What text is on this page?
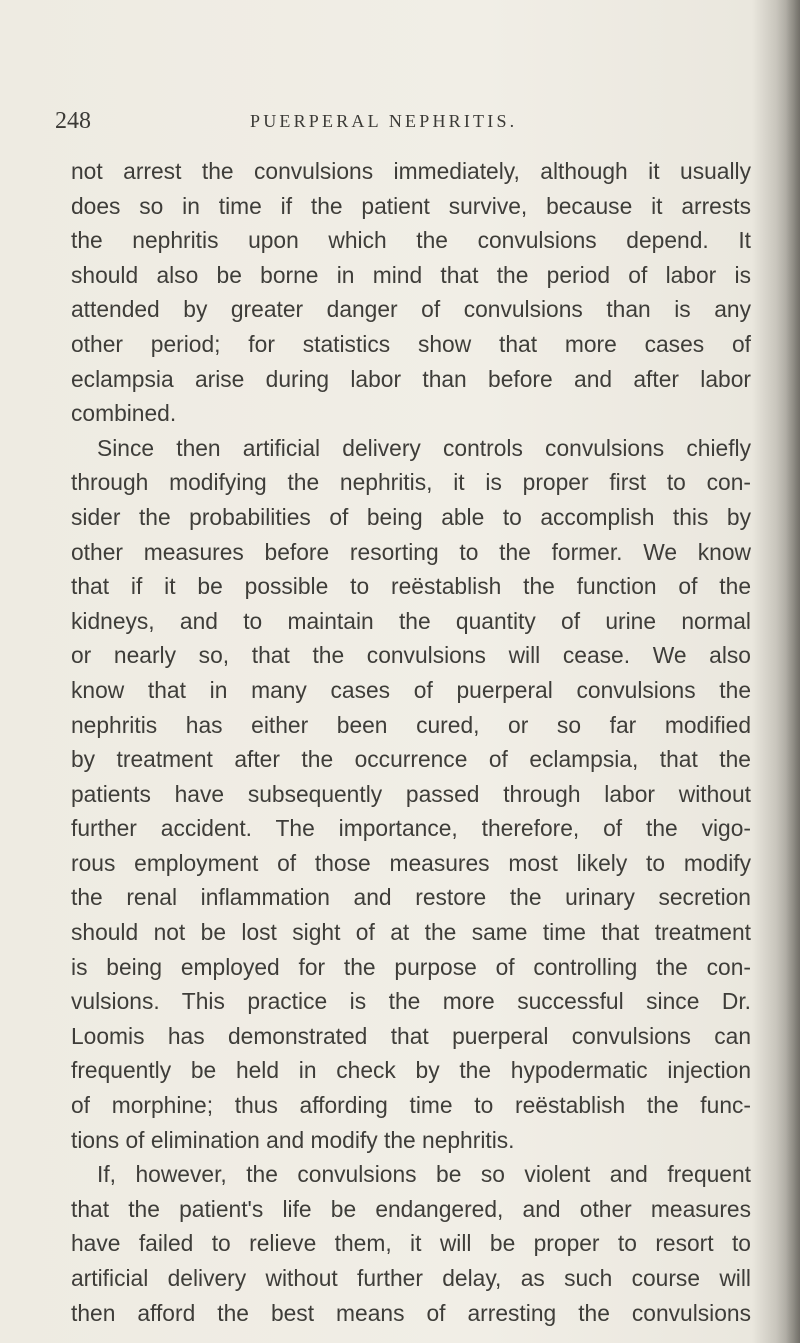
248	PUERPERAL NEPHRITIS.
not arrest the convulsions immediately, although it usually
does so in time if the patient survive, because it arrests
the nephritis upon which the convulsions depend. It
should also be borne in mind that the period of labor is
attended by greater danger of convulsions than is any
other period; for statistics show that more cases of
eclampsia arise during labor than before and after labor
combined.
Since then artificial delivery controls convulsions chiefly
through modifying the nephritis, it is proper first to con-
sider the probabilities of being able to accomplish this by
other measures before resorting to the former. We know
that if it be possible to reëstablish the function of the
kidneys, and to maintain the quantity of urine normal
or nearly so, that the convulsions will cease. We also
know that in many cases of puerperal convulsions the
nephritis has either been cured, or so far modified
by treatment after the occurrence of eclampsia, that the
patients have subsequently passed through labor without
further accident. The importance, therefore, of the vigo-
rous employment of those measures most likely to modify
the renal inflammation and restore the urinary secretion
should not be lost sight of at the same time that treatment
is being employed for the purpose of controlling the con-
vulsions. This practice is the more successful since Dr.
Loomis has demonstrated that puerperal convulsions can
frequently be held in check by the hypodermatic injection
of morphine; thus affording time to reëstablish the func-
tions of elimination and modify the nephritis.
If, however, the convulsions be so violent and frequent
that the patient's life be endangered, and other measures
have failed to relieve them, it will be proper to resort to
artificial delivery without further delay, as such course will
then afford the best means of arresting the convulsions
